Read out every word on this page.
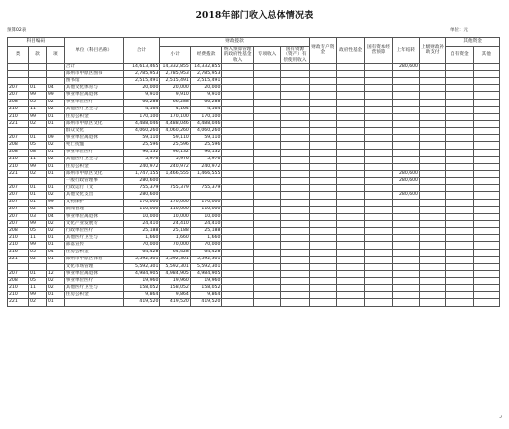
2018年部门收入总体情况表
预算02表	单位：元
科目编码			单位（科目名称）	合计	财政拨款					财政专户资金	政府性基金	国有资本经营预算	上年结转	上级财政补助支付	其他资金	
类	款	项			小计	经费拨款	纳入预算管理的政府性基金收入	专项收入	国有资源（资产）有偿使用收入						自有资金	其他

			合计	14,613,465	14,332,855	14,332,855							280,600			
			郑州市中原区图书	2,785,953	2,785,953	2,785,953										
			图书馆	2,515,491	2,515,491	2,515,491										
207	01	04	其他文化体育与	20,000	20,000	20,000										
207	99	99	事业单位离退休	9,910	9,910	9,910										
208	05	02	事业单位医疗	66,288	66,288	66,288										
210	11	02	其他医疗卫生与	4,164	4,164	4,164										
210	99	01	住房公积金	170,100	170,100	170,100										
221	02	01	郑州市中原区文化	4,488,046	4,488,046	4,488,046										
			群众文化	4,060,260	4,060,260	4,060,260										
207	01	09	事业单位离退休	59,110	59,110	59,110										
208	05	02	死亡抚恤	25,596	25,596	25,596										
208	08	01	事业单位医疗	96,132	96,132	96,132										
210	11	02	其他医疗卫生与	5,976	5,976	5,976										
210	99	01	住房公积金	240,972	240,972	240,972										
221	02	01	郑州市中原区文化	1,747,155	1,466,555	1,466,555							280,600			
			一般行政管理事	280,600									280,600			
207	01	01	行政运行（文	755,379	755,379	755,379										
207	01	02	其他文化支出	280,600									280,600			
207	01	99	文物保护	170,000	170,000	170,000										
207	02	04	新闻管理	110,000	110,000	110,000										
207	03	04	事业单位离退休	10,000	10,000	10,000										
207	99	02	文化产业发展专	24,410	24,410	24,410										
208	05	02	行政单位医疗	25,188	25,188	25,188										
210	11	01	其他医疗卫生与	1,660	1,660	1,660										
210	99	01	部落宣传	70,000	70,000	70,000										
216	05	04	住房公积金	64,428	64,428	64,428										
221	02	01	郑州市中原区体育	5,592,301	5,592,301	5,592,301										
			文化市场管理	5,592,301	5,592,301	5,592,301										
207	01	12	事业单位离退休	4,984,905	4,984,905	4,984,905										
208	05	02	事业单位医疗	19,960	19,960	19,960										
210	11	02	其他医疗卫生与	158,052	158,052	158,052										
210	99	01	住房公积金	9,864	9,864	9,864										
221	02	01		419,520	419,520	419,520										
⌟
